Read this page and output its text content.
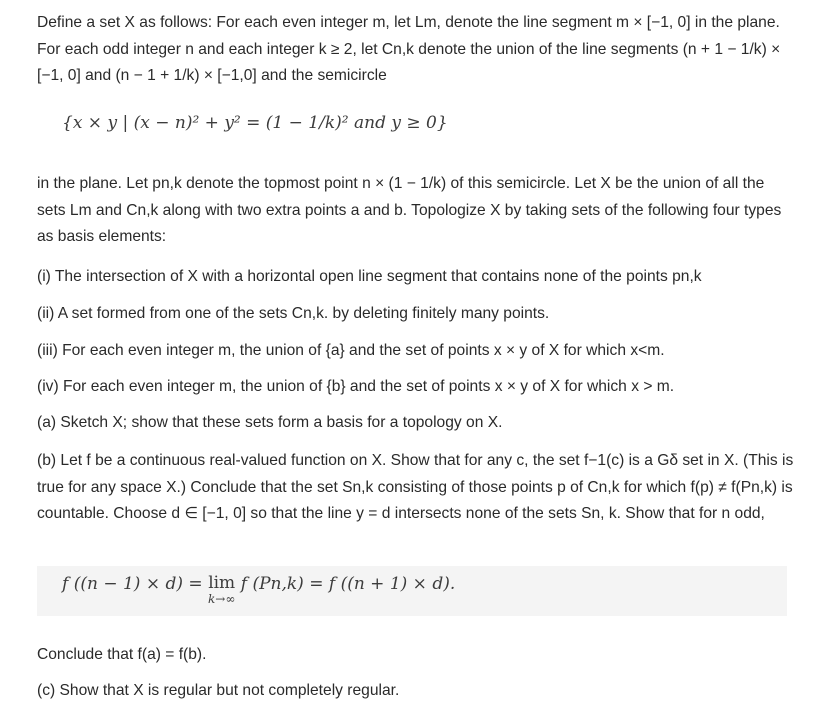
Define a set X as follows: For each even integer m, let Lm, denote the line segment m × [−1, 0] in the plane. For each odd integer n and each integer k ≥ 2, let Cn,k denote the union of the line segments (n + 1 − 1/k) × [−1, 0] and (n − 1 + 1/k) × [−1,0] and the semicircle

{x × y | (x − n)² + y² = (1 − 1/k)² and y ≥ 0}

in the plane. Let pn,k denote the topmost point n × (1 − 1/k) of this semicircle. Let X be the union of all the sets Lm and Cn,k along with two extra points a and b. Topologize X by taking sets of the following four types as basis elements:

(i) The intersection of X with a horizontal open line segment that contains none of the points pn,k

(ii) A set formed from one of the sets Cn,k. by deleting finitely many points.

(iii) For each even integer m, the union of {a} and the set of points x × y of X for which x<m.

(iv) For each even integer m, the union of {b} and the set of points x × y of X for which x > m.

(a) Sketch X; show that these sets form a basis for a topology on X.

(b) Let f be a continuous real-valued function on X. Show that for any c, the set f−1(c) is a Gδ set in X. (This is true for any space X.) Conclude that the set Sn,k consisting of those points p of Cn,k for which f(p) ≠ f(Pn,k) is countable. Choose d ∈ [−1, 0] so that the line y = d intersects none of the sets Sn, k. Show that for n odd,

f ((n − 1) × d) = lim
k→∞
f (Pn,k) = f ((n + 1) × d).

Conclude that f(a) = f(b).

(c) Show that X is regular but not completely regular.
